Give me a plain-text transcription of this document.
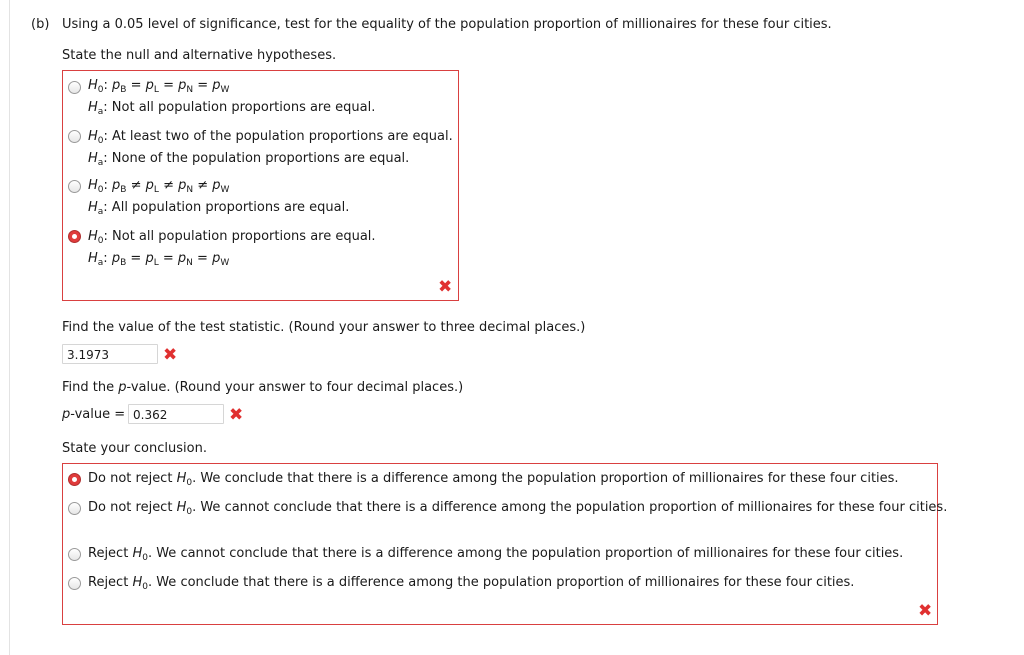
(b) Using a 0.05 level of significance, test for the equality of the population proportion of millionaires for these four cities.
State the null and alternative hypotheses.
$H_0$: $p_B = p_L = p_N = p_W$
$H_a$: Not all population proportions are equal.
$H_0$: At least two of the population proportions are equal.
$H_a$: None of the population proportions are equal.
$H_0$: $p_B \ne p_L \ne p_N \ne p_W$
$H_a$: All population proportions are equal.
$H_0$: Not all population proportions are equal.
$H_a$: $p_B = p_L = p_N = p_W$
✖
Find the value of the test statistic. (Round your answer to three decimal places.)
3.1973	✖
Find the p-value. (Round your answer to four decimal places.)
p-value = 0.362	✖
State your conclusion.
Do not reject $H_0$. We conclude that there is a difference among the population proportion of millionaires for these four cities.
Do not reject $H_0$. We cannot conclude that there is a difference among the population proportion of millionaires for these four cities.
Reject $H_0$. We cannot conclude that there is a difference among the population proportion of millionaires for these four cities.
Reject $H_0$. We conclude that there is a difference among the population proportion of millionaires for these four cities.
✖
